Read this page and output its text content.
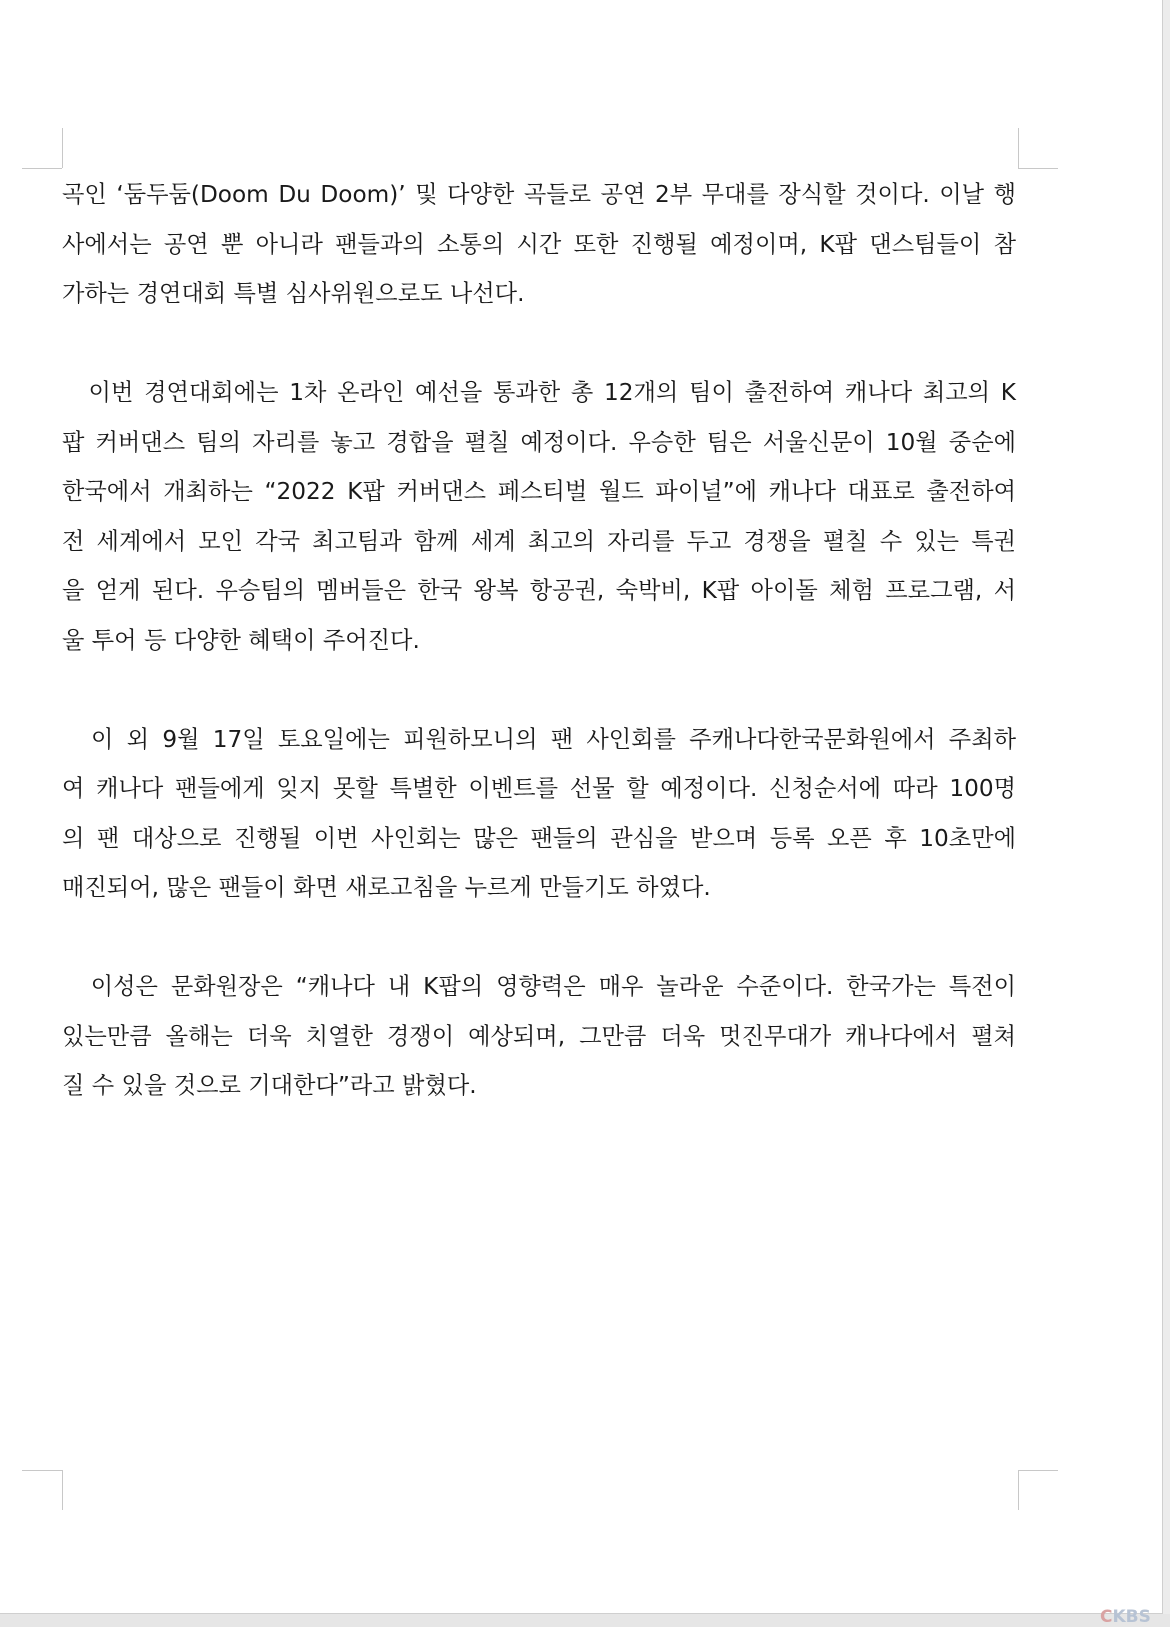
곡인 ‘둠두둠(Doom Du Doom)’ 및 다양한 곡들로 공연 2부 무대를 장식할 것이다. 이날 행
사에서는 공연 뿐 아니라 팬들과의 소통의 시간 또한 진행될 예정이며, K팝 댄스팀들이 참
가하는 경연대회 특별 심사위원으로도 나선다.

　이번 경연대회에는 1차 온라인 예선을 통과한 총 12개의 팀이 출전하여 캐나다 최고의 K
팝 커버댄스 팀의 자리를 놓고 경합을 펼칠 예정이다. 우승한 팀은 서울신문이 10월 중순에
한국에서 개최하는 “2022 K팝 커버댄스 페스티벌 월드 파이널”에 캐나다 대표로 출전하여
전 세계에서 모인 각국 최고팀과 함께 세계 최고의 자리를 두고 경쟁을 펼칠 수 있는 특권
을 얻게 된다. 우승팀의 멤버들은 한국 왕복 항공권, 숙박비, K팝 아이돌 체험 프로그램, 서
울 투어 등 다양한 혜택이 주어진다.

　이 외 9월 17일 토요일에는 피원하모니의 팬 사인회를 주캐나다한국문화원에서 주최하
여 캐나다 팬들에게 잊지 못할 특별한 이벤트를 선물 할 예정이다. 신청순서에 따라 100명
의 팬 대상으로 진행될 이번 사인회는 많은 팬들의 관심을 받으며 등록 오픈 후 10초만에
매진되어, 많은 팬들이 화면 새로고침을 누르게 만들기도 하였다.

　이성은 문화원장은 “캐나다 내 K팝의 영향력은 매우 놀라운 수준이다. 한국가는 특전이
있는만큼 올해는 더욱 치열한 경쟁이 예상되며, 그만큼 더욱 멋진무대가 캐나다에서 펼쳐
질 수 있을 것으로 기대한다”라고 밝혔다.

CKBS
